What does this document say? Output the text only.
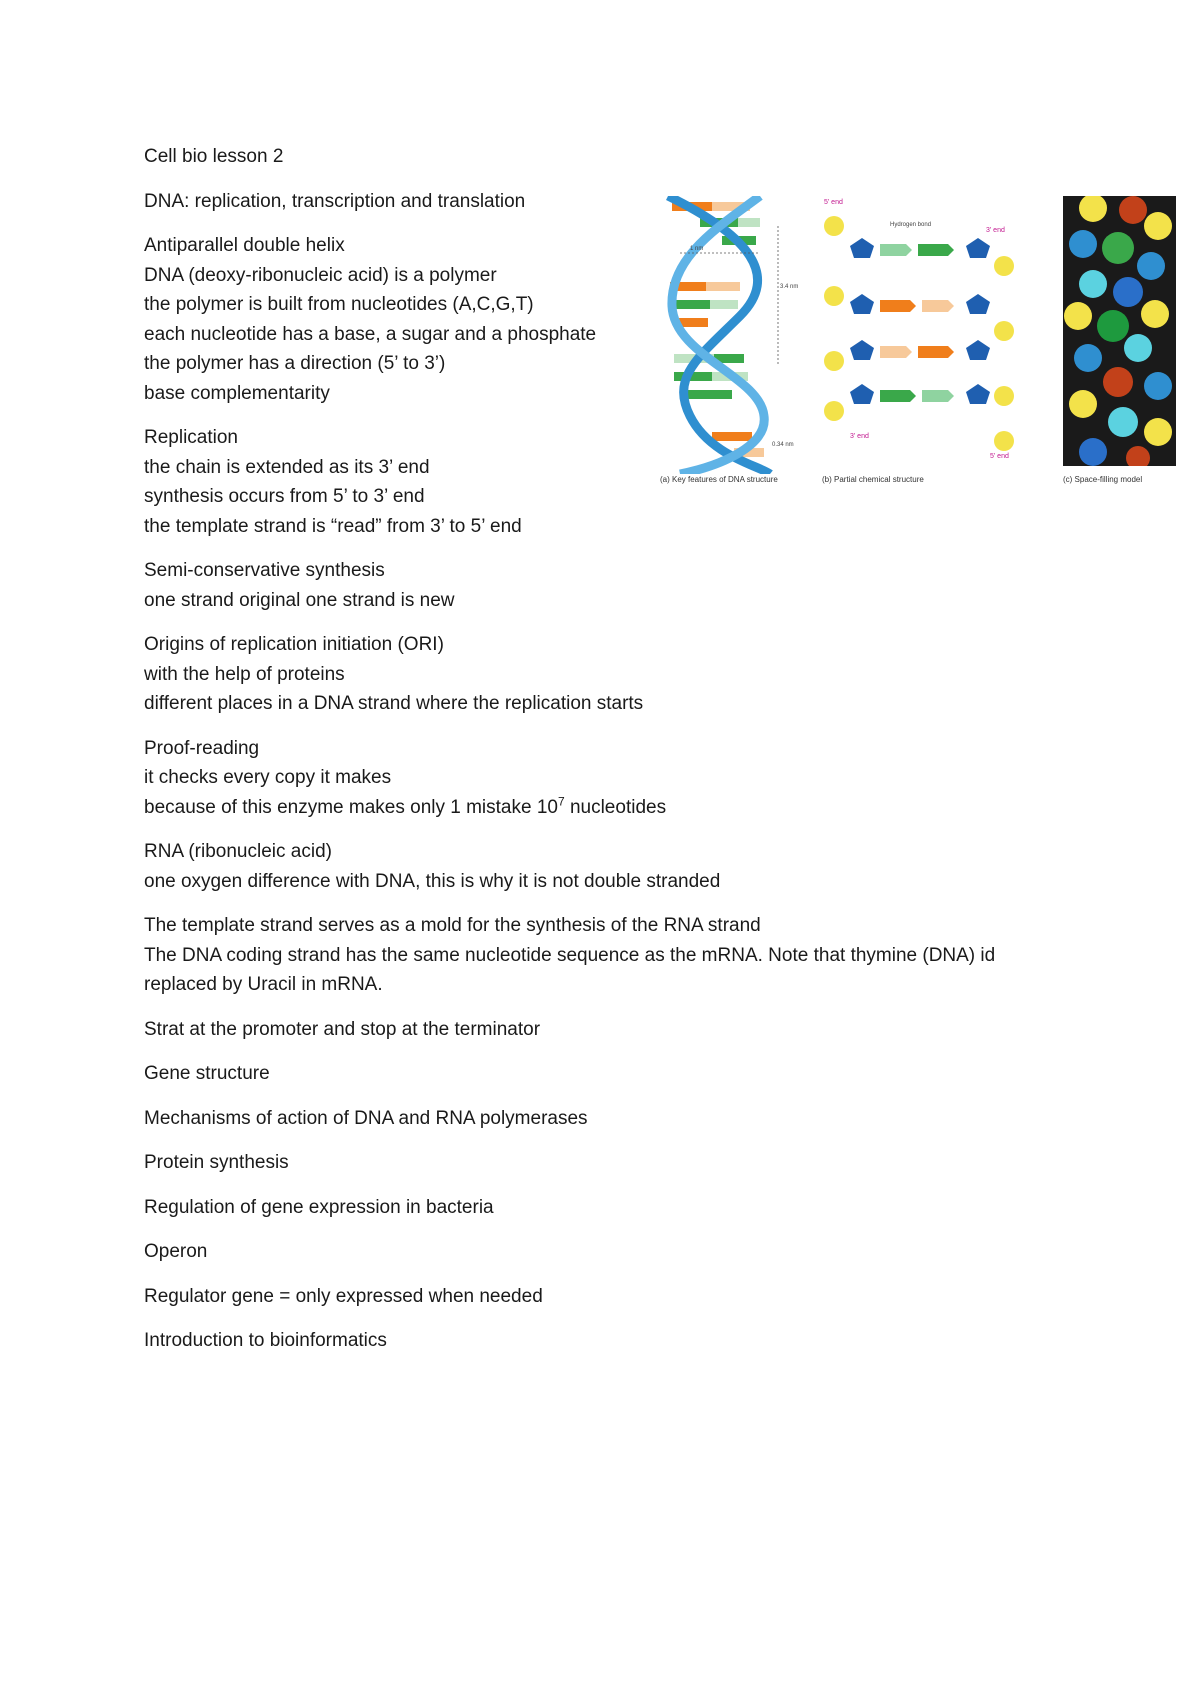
Cell bio lesson 2
DNA: replication, transcription and translation
Antiparallel double helix
DNA (deoxy-ribonucleic acid) is a polymer
the polymer is built from nucleotides (A,C,G,T)
each nucleotide has a base, a sugar and a phosphate
the polymer has a direction (5’ to 3’)
base complementarity
Replication
the chain is extended as its 3’ end
synthesis occurs from 5’ to 3’ end
the template strand is “read” from 3’ to 5’ end
Semi-conservative synthesis
one strand original one strand is new
Origins of replication initiation (ORI)
with the help of proteins
different places in a DNA strand where the replication starts
Proof-reading
it checks every copy it makes
because of this enzyme makes only 1 mistake $10^7$ nucleotides
RNA (ribonucleic acid)
one oxygen difference with DNA, this is why it is not double stranded
The template strand serves as a mold for the synthesis of the RNA strand
The DNA coding strand has the same nucleotide sequence as the mRNA. Note that thymine (DNA) id
replaced by Uracil in mRNA.
Strat at the promoter and stop at the terminator
Gene structure
Mechanisms of action of DNA and RNA polymerases
Protein synthesis
Regulation of gene expression in bacteria
Operon
Regulator gene = only expressed when needed
Introduction to bioinformatics
3.4 nm
1 nm
0.34 nm
(a) Key features of DNA structure
5' end
3' end
Hydrogen bond
3' end
5' end
(b) Partial chemical structure	(c) Space-filling model
